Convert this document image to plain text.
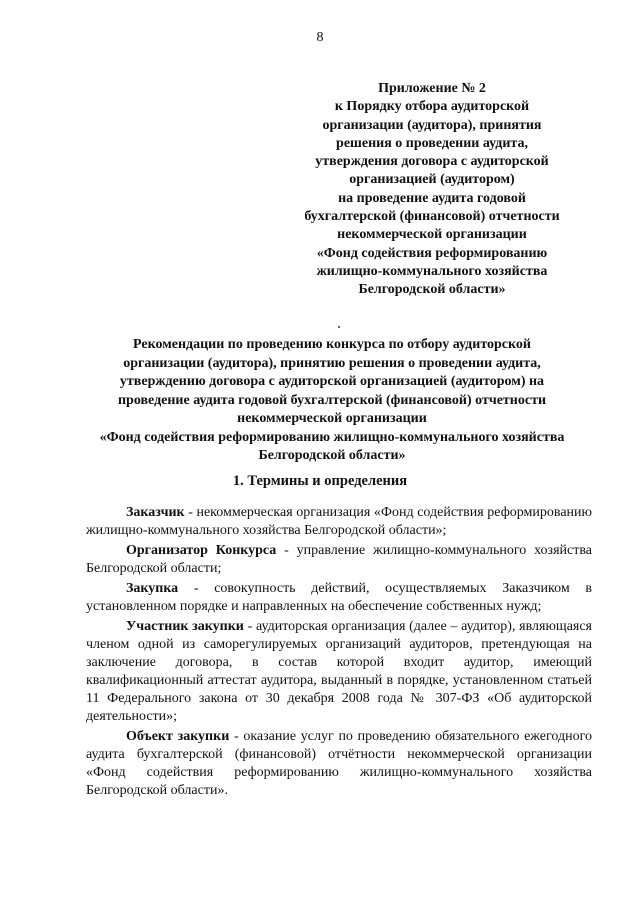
8
Приложение № 2
к Порядку отбора аудиторской
организации (аудитора), принятия
решения о проведении аудита,
утверждения договора с аудиторской
организацией (аудитором)
на проведение аудита годовой
бухгалтерской (финансовой) отчетности
некоммерческой организации
«Фонд содействия реформированию
жилищно-коммунального хозяйства
Белгородской области»
Рекомендации по проведению конкурса по отбору аудиторской
организации (аудитора), принятию решения о проведении аудита,
утверждению договора с аудиторской организацией (аудитором) на
проведение аудита годовой бухгалтерской (финансовой) отчетности
некоммерческой организации
«Фонд содействия реформированию жилищно-коммунального хозяйства
Белгородской области»
1. Термины и определения

Заказчик - некоммерческая организация «Фонд содействия реформированию жилищно-коммунального хозяйства Белгородской области»;

Организатор Конкурса - управление жилищно-коммунального хозяйства Белгородской области;

Закупка - совокупность действий, осуществляемых Заказчиком в установленном порядке и направленных на обеспечение собственных нужд;

Участник закупки - аудиторская организация (далее – аудитор), являющаяся членом одной из саморегулируемых организаций аудиторов, претендующая на заключение договора, в состав которой входит аудитор, имеющий квалификационный аттестат аудитора, выданный в порядке, установленном статьей 11 Федерального закона от 30 декабря 2008 года № 307-ФЗ «Об аудиторской деятельности»;

Объект закупки - оказание услуг по проведению обязательного ежегодного аудита бухгалтерской (финансовой) отчётности некоммерческой организации «Фонд содействия реформированию жилищно-коммунального хозяйства Белгородской области».
